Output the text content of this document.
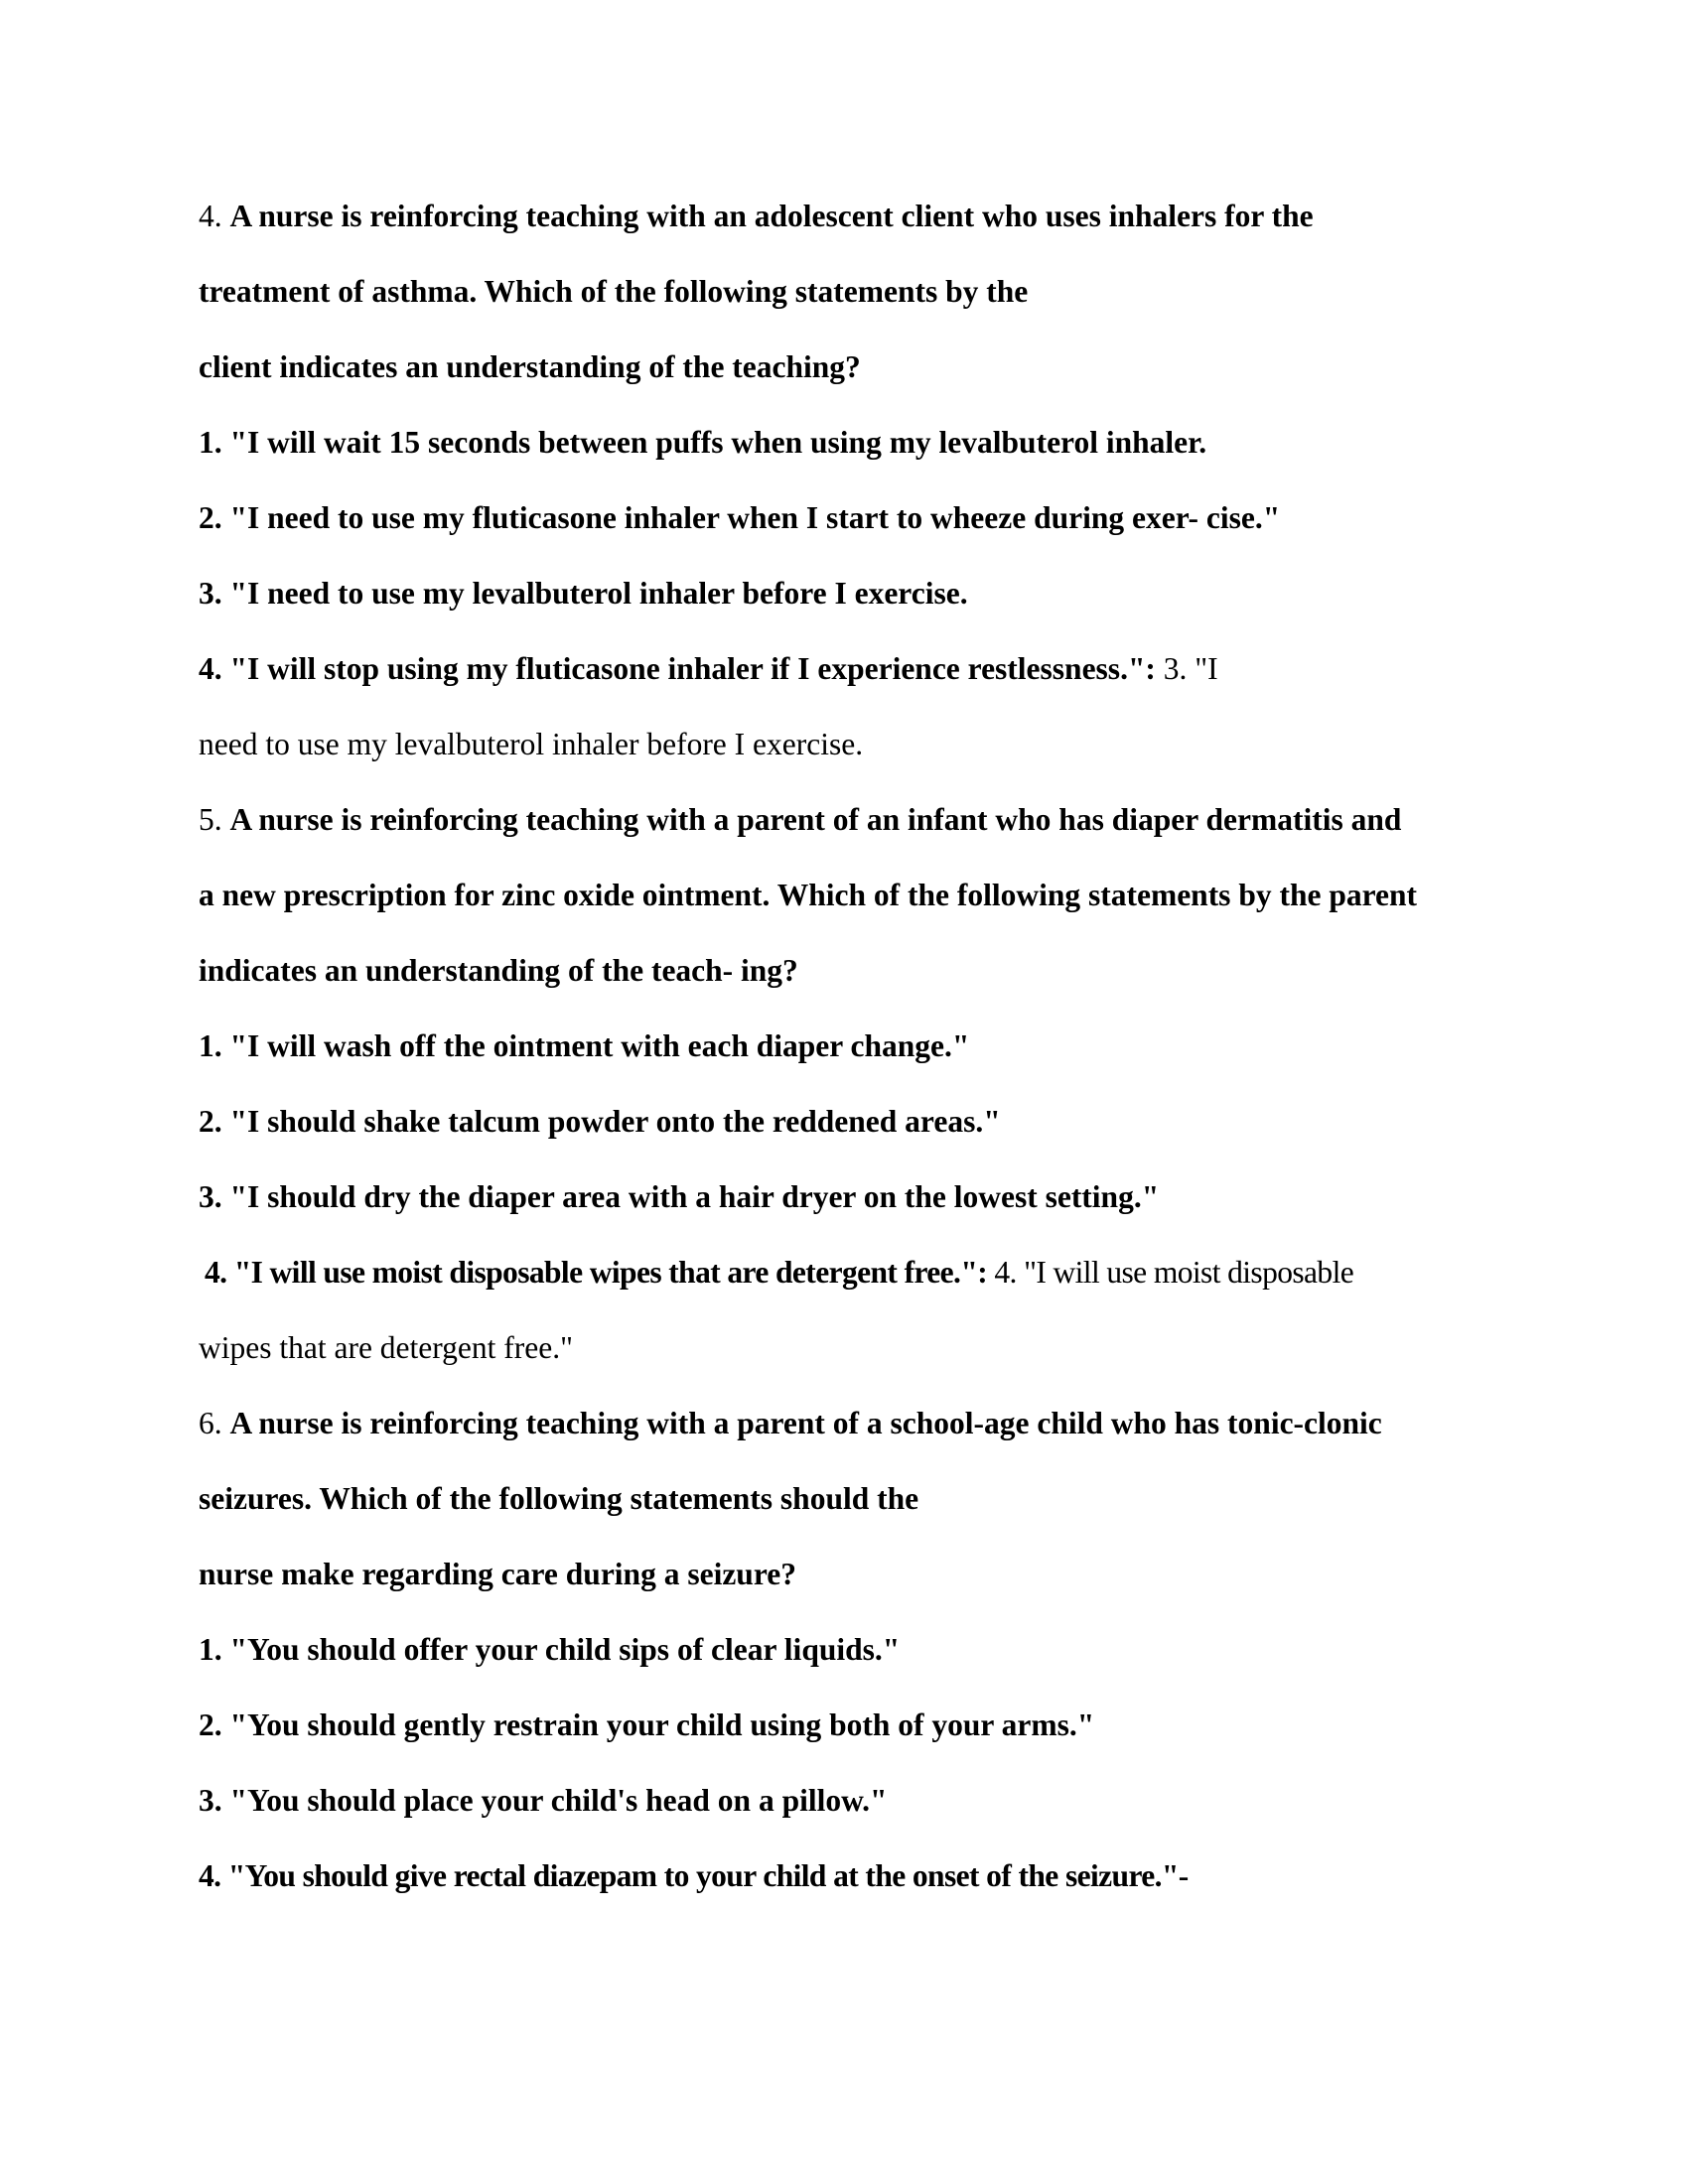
4. A nurse is reinforcing teaching with an adolescent client who uses inhalers for the

treatment of asthma. Which of the following statements by the

client indicates an understanding of the teaching?

1. "I will wait 15 seconds between puffs when using my levalbuterol inhaler.

2. "I need to use my fluticasone inhaler when I start to wheeze during exer- cise."

3. "I need to use my levalbuterol inhaler before I exercise.

4. "I will stop using my fluticasone inhaler if I experience restlessness.": 3. "I

need to use my levalbuterol inhaler before I exercise.

5. A nurse is reinforcing teaching with a parent of an infant who has diaper dermatitis and

a new prescription for zinc oxide ointment. Which of the following statements by the parent

indicates an understanding of the teach- ing?

1. "I will wash off the ointment with each diaper change."

2. "I should shake talcum powder onto the reddened areas."

3. "I should dry the diaper area with a hair dryer on the lowest setting."

4. "I will use moist disposable wipes that are detergent free.": 4. "I will use moist disposable

wipes that are detergent free."

6. A nurse is reinforcing teaching with a parent of a school-age child who has tonic-clonic

seizures. Which of the following statements should the

nurse make regarding care during a seizure?

1. "You should offer your child sips of clear liquids."

2. "You should gently restrain your child using both of your arms."

3. "You should place your child's head on a pillow."

4. "You should give rectal diazepam to your child at the onset of the seizure."-
